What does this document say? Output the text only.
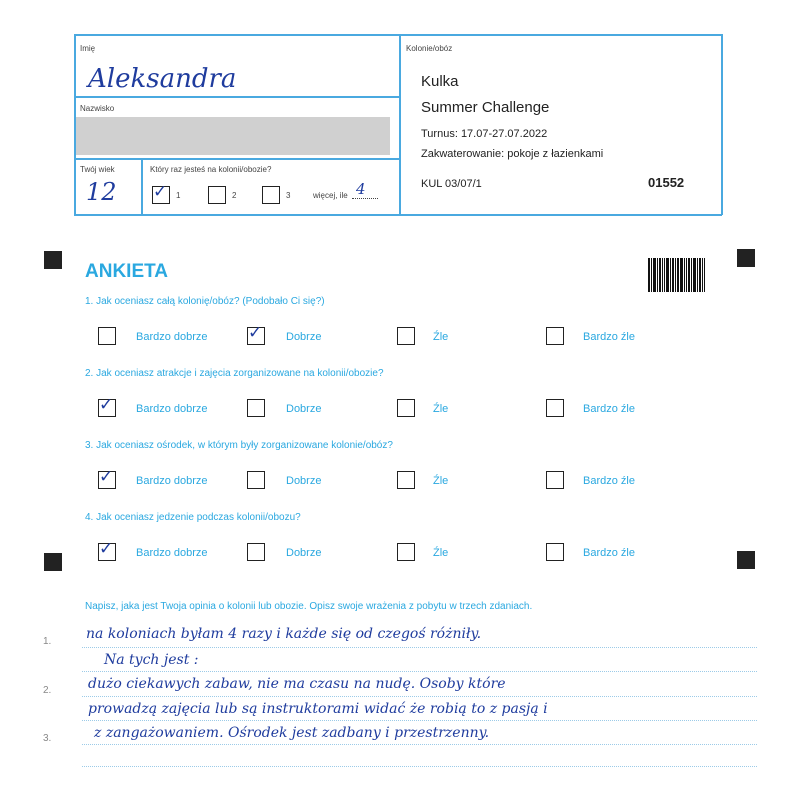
Imię
Aleksandra
Nazwisko
Twój wiek
12
Który raz jesteś na kolonii/obozie?
✓ 1	2	3	więcej, ile 4
Kolonie/obóz
Kulka
Summer Challenge
Turnus: 17.07-27.07.2022
Zakwaterowanie: pokoje z łazienkami
KUL 03/07/1	01552
ANKIETA
1. Jak oceniasz całą kolonię/obóz? (Podobało Ci się?)
Bardzo dobrze ✓ Dobrze	Źle	Bardzo źle
2. Jak oceniasz atrakcje i zajęcia zorganizowane na kolonii/obozie?
✓ Bardzo dobrze	Dobrze	Źle	Bardzo źle
3. Jak oceniasz ośrodek, w którym były zorganizowane kolonie/obóz?
✓ Bardzo dobrze	Dobrze	Źle	Bardzo źle
4. Jak oceniasz jedzenie podczas kolonii/obozu?
✓ Bardzo dobrze	Dobrze	Źle	Bardzo źle
Napisz, jaka jest Twoja opinia o kolonii lub obozie. Opisz swoje wrażenia z pobytu w trzech zdaniach.
1.
2.
3.
na koloniach byłam 4 razy i każde się od czegoś różniły.
Na tych jest :
dużo ciekawych zabaw, nie ma czasu na nudę. Osoby które
prowadzą zajęcia lub są instruktorami widać że robią to z pasją i
z zangażowaniem. Ośrodek jest zadbany i przestrzenny.
